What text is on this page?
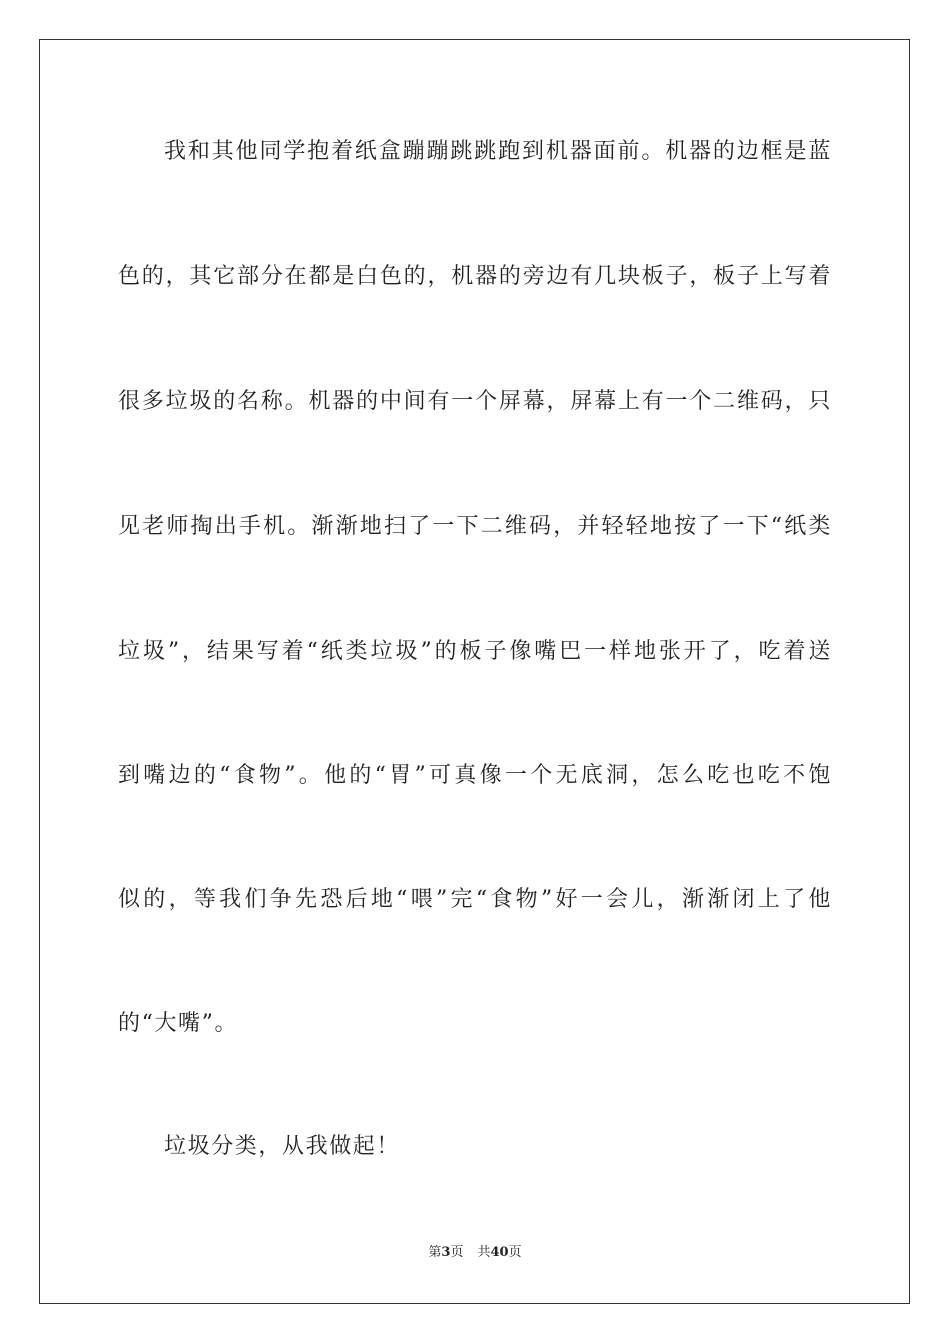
我和其他同学抱着纸盒蹦蹦跳跳跑到机器面前。机器的边框是蓝
色的，其它部分在都是白色的，机器的旁边有几块板子，板子上写着
很多垃圾的名称。机器的中间有一个屏幕，屏幕上有一个二维码，只
见老师掏出手机。渐渐地扫了一下二维码，并轻轻地按了一下“纸类
垃圾”，结果写着“纸类垃圾”的板子像嘴巴一样地张开了，吃着送
到嘴边的“食物”。他的“胃”可真像一个无底洞，怎么吃也吃不饱
似的，等我们争先恐后地“喂”完“食物”好一会儿，渐渐闭上了他
的“大嘴”。
垃圾分类，从我做起！
第3页 共40页
